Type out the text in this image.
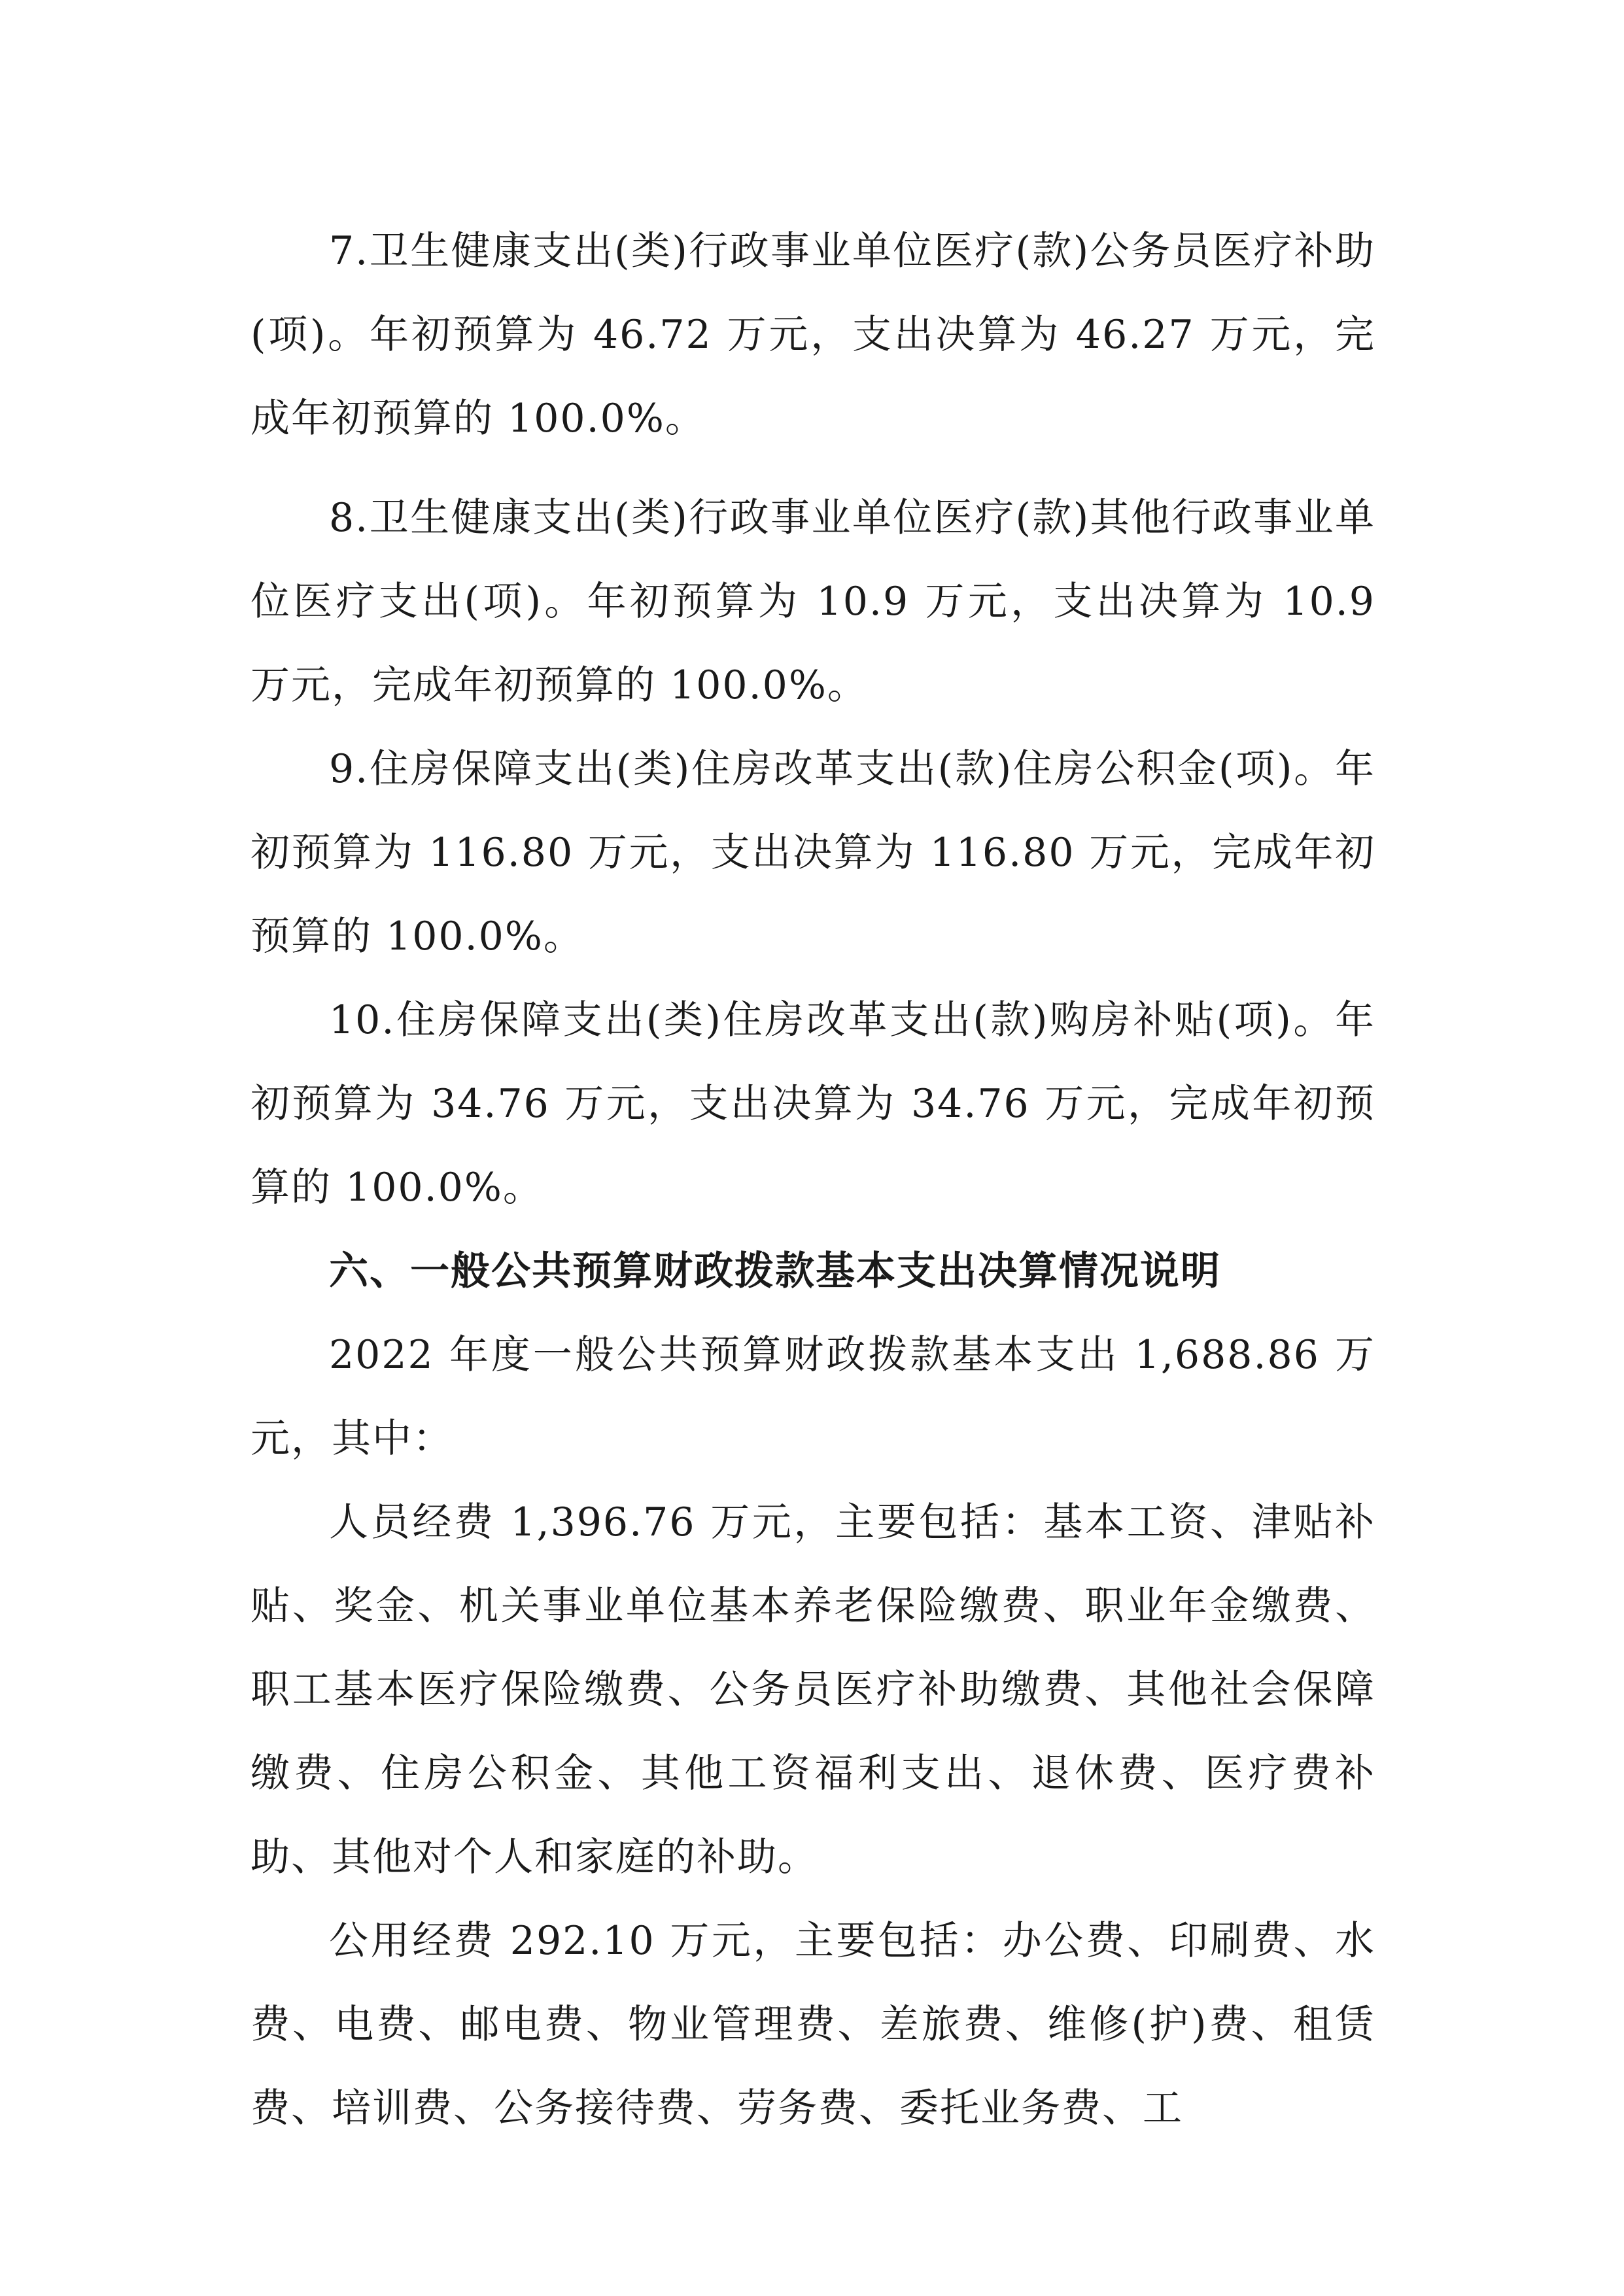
7.卫生健康支出(类)行政事业单位医疗(款)公务员医疗补助(项)。年初预算为 46.72 万元，支出决算为 46.27 万元，完成年初预算的 100.0%。

8.卫生健康支出(类)行政事业单位医疗(款)其他行政事业单位医疗支出(项)。年初预算为 10.9 万元，支出决算为 10.9 万元，完成年初预算的 100.0%。

9.住房保障支出(类)住房改革支出(款)住房公积金(项)。年初预算为 116.80 万元，支出决算为 116.80 万元，完成年初预算的 100.0%。

10.住房保障支出(类)住房改革支出(款)购房补贴(项)。年初预算为 34.76 万元，支出决算为 34.76 万元，完成年初预算的 100.0%。

六、一般公共预算财政拨款基本支出决算情况说明

2022 年度一般公共预算财政拨款基本支出 1,688.86 万元，其中：

人员经费 1,396.76 万元，主要包括：基本工资、津贴补贴、奖金、机关事业单位基本养老保险缴费、职业年金缴费、职工基本医疗保险缴费、公务员医疗补助缴费、其他社会保障缴费、住房公积金、其他工资福利支出、退休费、医疗费补助、其他对个人和家庭的补助。

公用经费 292.10 万元，主要包括：办公费、印刷费、水费、电费、邮电费、物业管理费、差旅费、维修(护)费、租赁费、培训费、公务接待费、劳务费、委托业务费、工
